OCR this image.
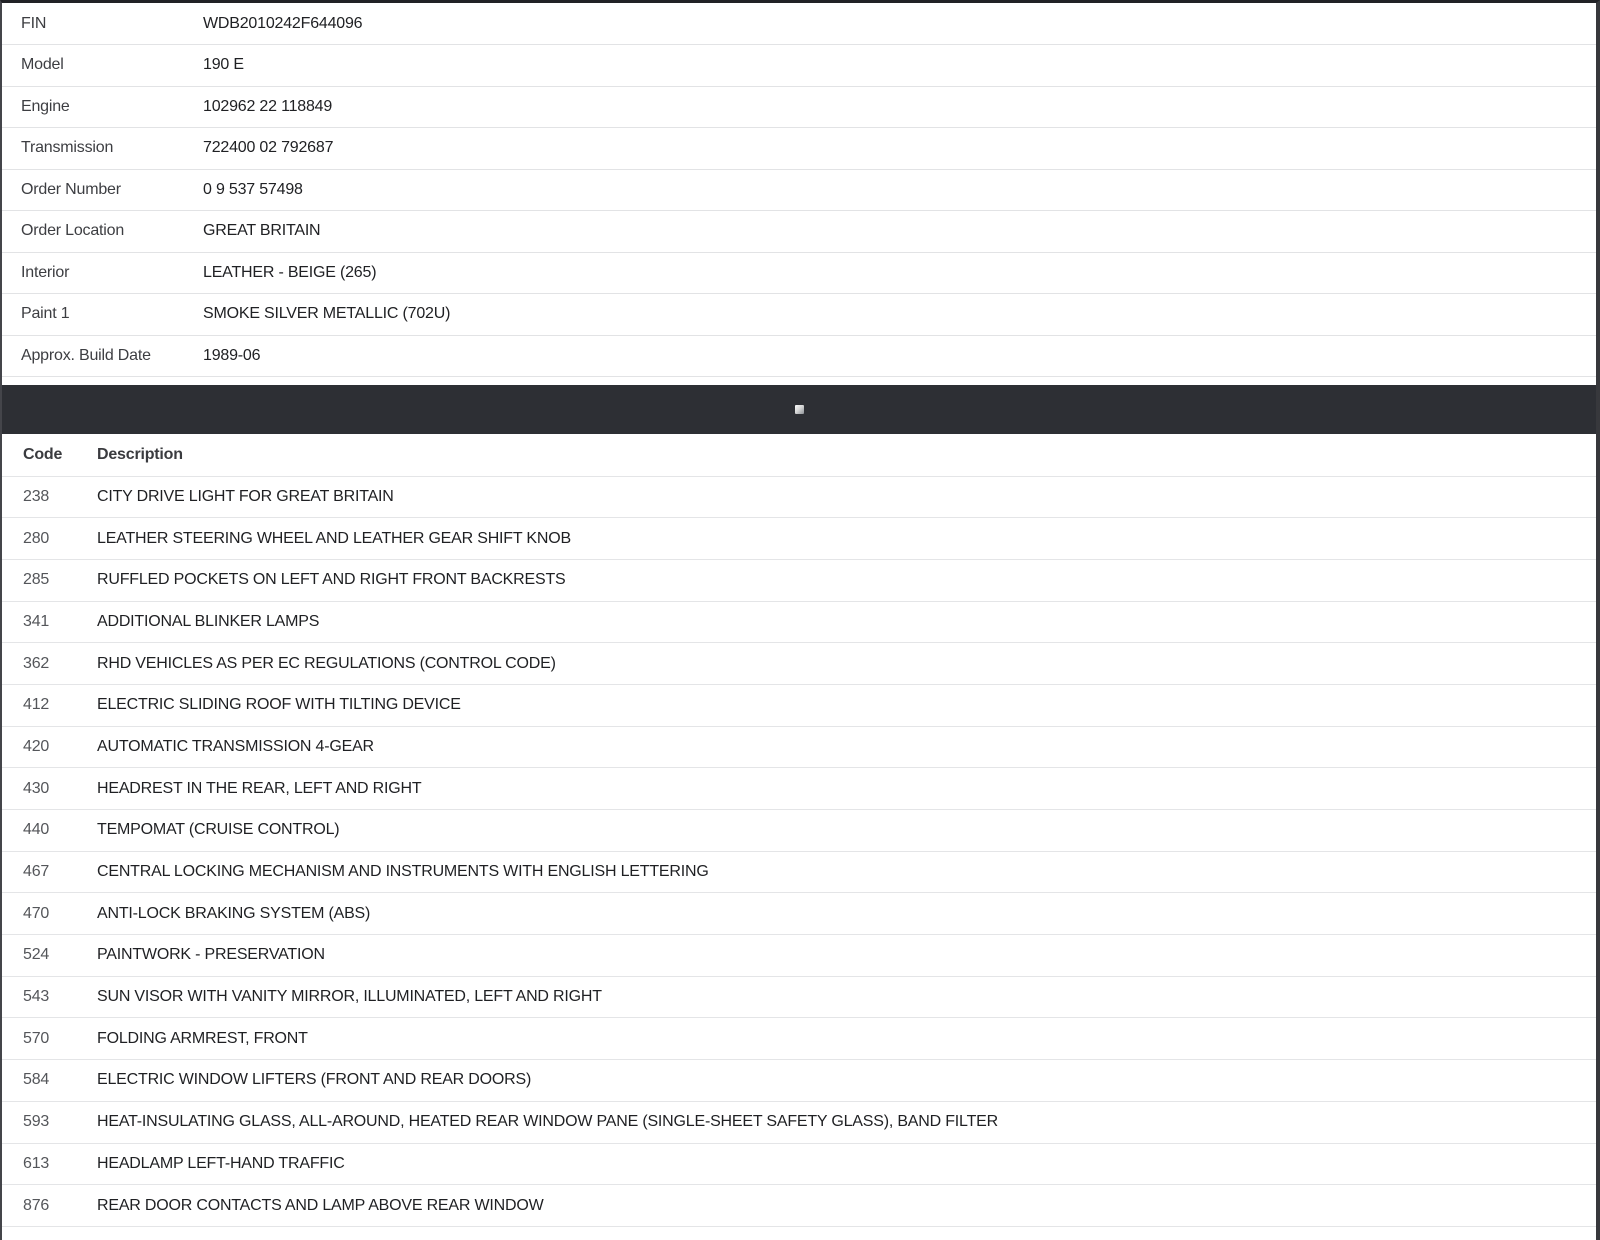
FIN	WDB2010242F644096
Model	190 E
Engine	102962 22 118849
Transmission	722400 02 792687
Order Number	0 9 537 57498
Order Location	GREAT BRITAIN
Interior	LEATHER - BEIGE (265)
Paint 1	SMOKE SILVER METALLIC (702U)
Approx. Build Date	1989-06
Code	Description
238	CITY DRIVE LIGHT FOR GREAT BRITAIN
280	LEATHER STEERING WHEEL AND LEATHER GEAR SHIFT KNOB
285	RUFFLED POCKETS ON LEFT AND RIGHT FRONT BACKRESTS
341	ADDITIONAL BLINKER LAMPS
362	RHD VEHICLES AS PER EC REGULATIONS (CONTROL CODE)
412	ELECTRIC SLIDING ROOF WITH TILTING DEVICE
420	AUTOMATIC TRANSMISSION 4-GEAR
430	HEADREST IN THE REAR, LEFT AND RIGHT
440	TEMPOMAT (CRUISE CONTROL)
467	CENTRAL LOCKING MECHANISM AND INSTRUMENTS WITH ENGLISH LETTERING
470	ANTI-LOCK BRAKING SYSTEM (ABS)
524	PAINTWORK - PRESERVATION
543	SUN VISOR WITH VANITY MIRROR, ILLUMINATED, LEFT AND RIGHT
570	FOLDING ARMREST, FRONT
584	ELECTRIC WINDOW LIFTERS (FRONT AND REAR DOORS)
593	HEAT-INSULATING GLASS, ALL-AROUND, HEATED REAR WINDOW PANE (SINGLE-SHEET SAFETY GLASS), BAND FILTER
613	HEADLAMP LEFT-HAND TRAFFIC
876	REAR DOOR CONTACTS AND LAMP ABOVE REAR WINDOW
